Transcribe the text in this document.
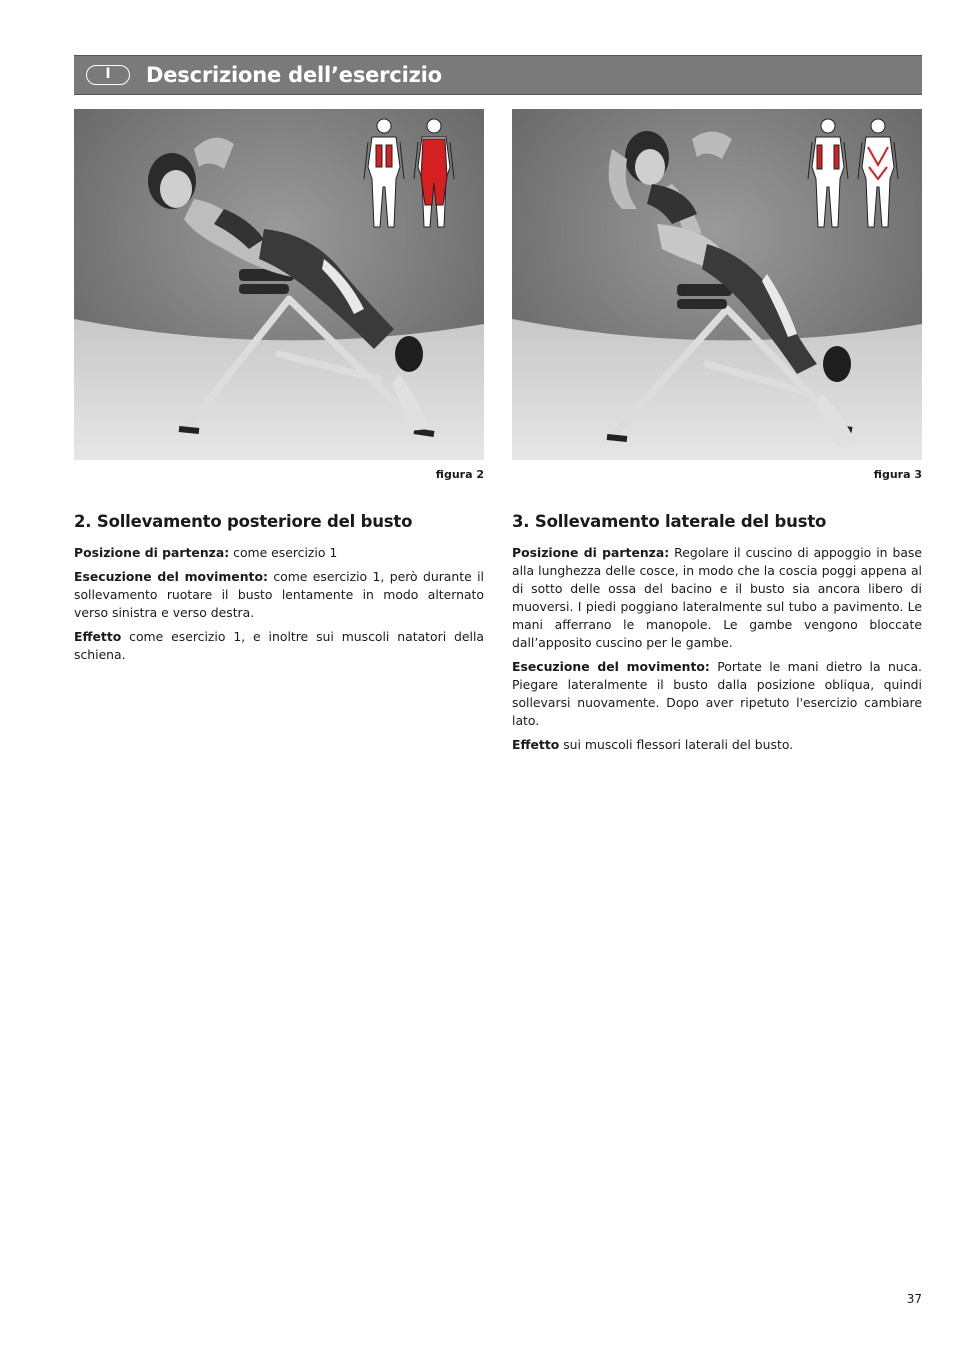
I	Descrizione dell’esercizio
figura 2	figura 3
2. Sollevamento posteriore del busto

Posizione di partenza: come esercizio 1

Esecuzione del movimento: come esercizio 1, però durante il sollevamento ruotare il busto lentamente in modo alternato verso sinistra e verso destra.

Effetto come esercizio 1, e inoltre sui muscoli natatori della schiena.

3. Sollevamento laterale del busto

Posizione di partenza: Regolare il cuscino di appoggio in base alla lunghezza delle cosce, in modo che la coscia poggi appena al di sotto delle ossa del bacino e il busto sia ancora libero di muoversi. I piedi poggiano lateralmente sul tubo a pavimento. Le mani afferrano le manopole. Le gambe vengono bloccate dall’apposito cuscino per le gambe.

Esecuzione del movimento: Portate le mani dietro la nuca. Piegare lateralmente il busto dalla posizione obliqua, quindi sollevarsi nuovamente. Dopo aver ripetuto l'esercizio cambiare lato.

Effetto sui muscoli flessori laterali del busto.

37
